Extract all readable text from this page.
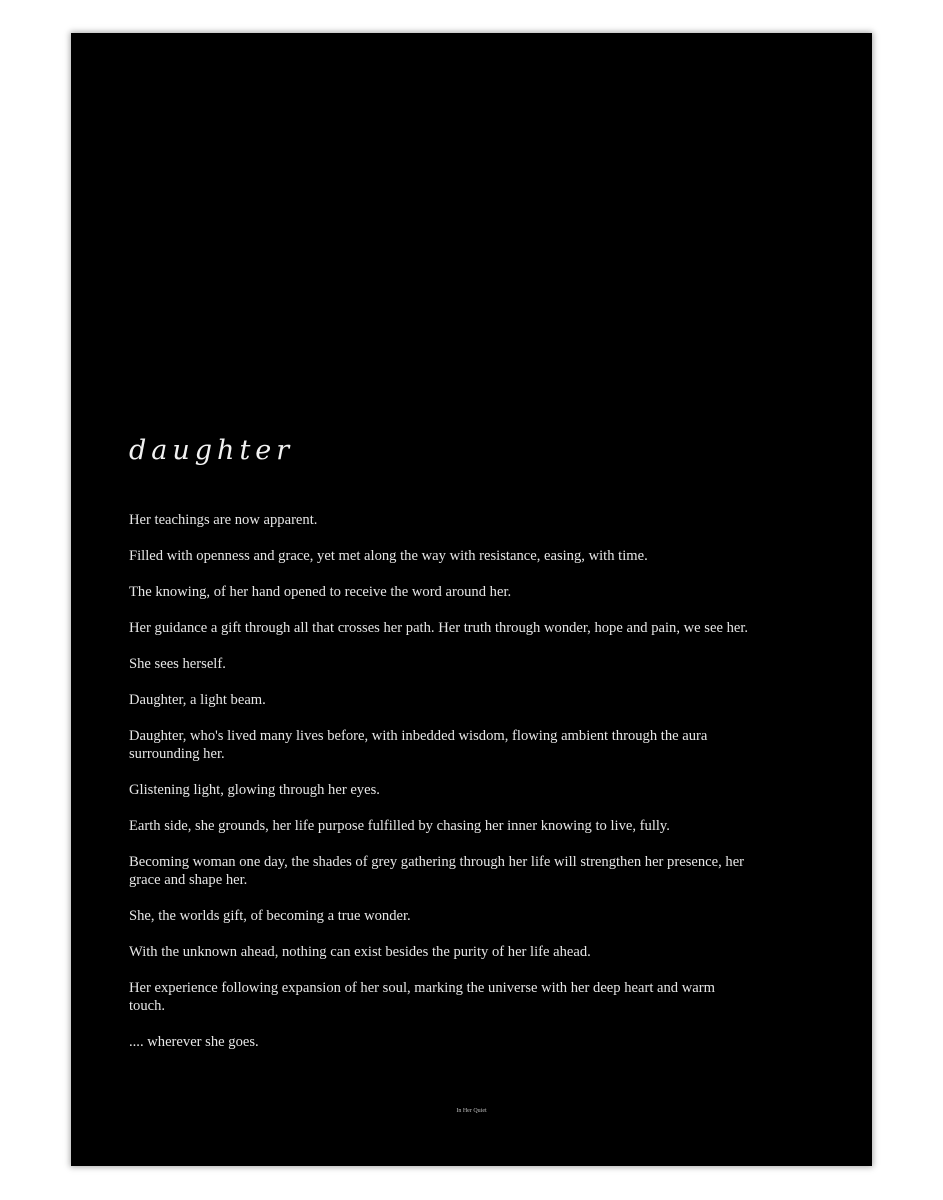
daughter

Her teachings are now apparent.

Filled with openness and grace, yet met along the way with resistance, easing, with time.

The knowing, of her hand opened to receive the word around her.

Her guidance a gift through all that crosses her path. Her truth through wonder, hope and pain, we see her.

She sees herself.

Daughter, a light beam.

Daughter, who's lived many lives before, with inbedded wisdom, flowing ambient through the aura surrounding her.

Glistening light, glowing through her eyes.

Earth side, she grounds, her life purpose fulfilled by chasing her inner knowing to live, fully.

Becoming woman one day, the shades of grey gathering through her life will strengthen her presence, her grace and shape her.

She, the worlds gift, of becoming a true wonder.

With the unknown ahead, nothing can exist besides the purity of her life ahead.

Her experience following expansion of her soul, marking the universe with her deep heart and warm touch.

.... wherever she goes.

In Her Quiet
